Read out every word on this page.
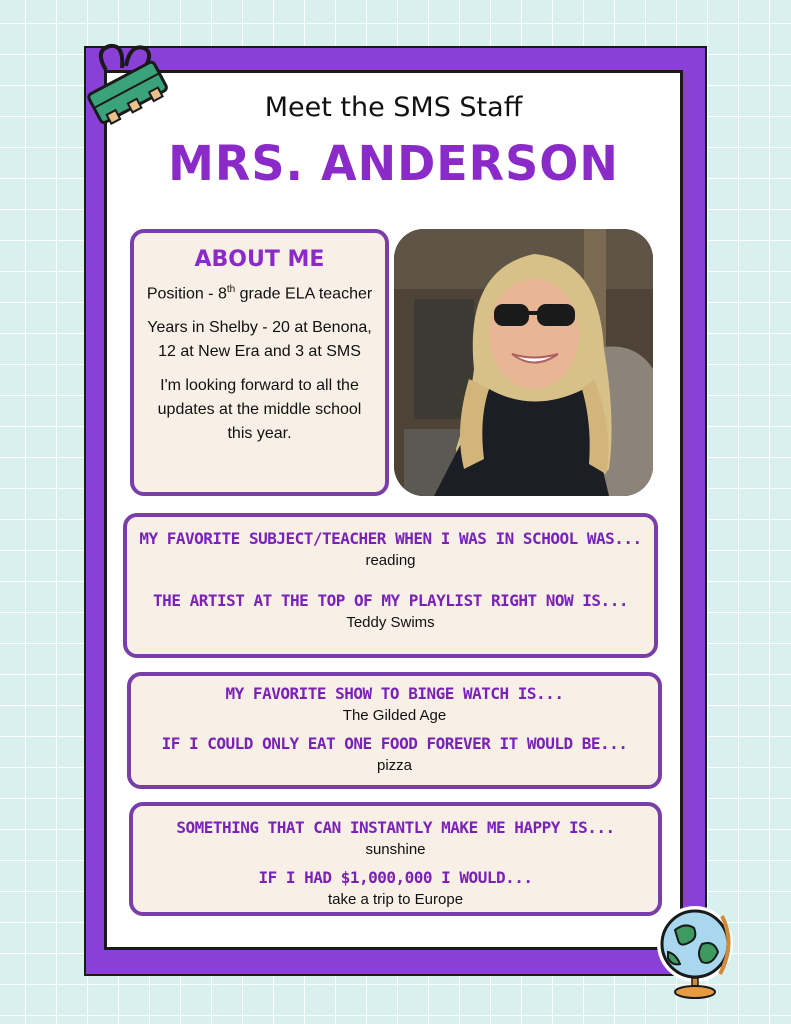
Meet the SMS Staff
MRS. ANDERSON
ABOUT ME

Position - 8th grade ELA teacher

Years in Shelby - 20 at Benona, 12 at New Era and 3 at SMS

I'm looking forward to all the updates at the middle school this year.

MY FAVORITE SUBJECT/TEACHER WHEN I WAS IN SCHOOL WAS...
reading
THE ARTIST AT THE TOP OF MY PLAYLIST RIGHT NOW IS...
Teddy Swims
MY FAVORITE SHOW TO BINGE WATCH IS...
The Gilded Age
IF I COULD ONLY EAT ONE FOOD FOREVER IT WOULD BE...
pizza
SOMETHING THAT CAN INSTANTLY MAKE ME HAPPY IS...
sunshine
IF I HAD $1,000,000 I WOULD...
take a trip to Europe
